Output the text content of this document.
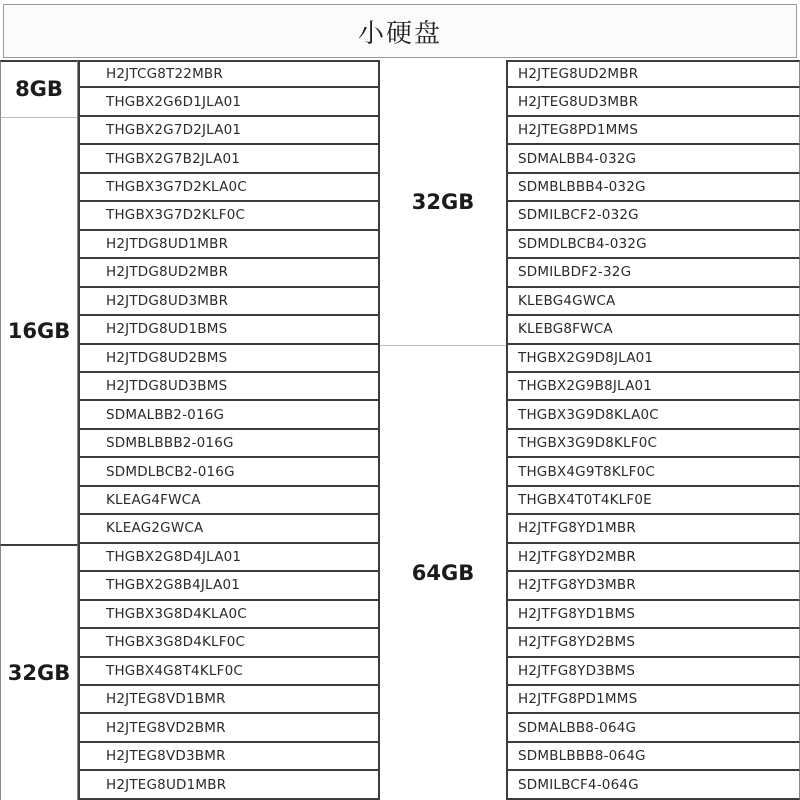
小硬盘
8GB
16GB
32GB
32GB
64GB
H2JTCG8T22MBR
THGBX2G6D1JLA01
THGBX2G7D2JLA01
THGBX2G7B2JLA01
THGBX3G7D2KLA0C
THGBX3G7D2KLF0C
H2JTDG8UD1MBR
H2JTDG8UD2MBR
H2JTDG8UD3MBR
H2JTDG8UD1BMS
H2JTDG8UD2BMS
H2JTDG8UD3BMS
SDMALBB2-016G
SDMBLBBB2-016G
SDMDLBCB2-016G
KLEAG4FWCA
KLEAG2GWCA
THGBX2G8D4JLA01
THGBX2G8B4JLA01
THGBX3G8D4KLA0C
THGBX3G8D4KLF0C
THGBX4G8T4KLF0C
H2JTEG8VD1BMR
H2JTEG8VD2BMR
H2JTEG8VD3BMR
H2JTEG8UD1MBR
H2JTEG8UD2MBR
H2JTEG8UD3MBR
H2JTEG8PD1MMS
SDMALBB4-032G
SDMBLBBB4-032G
SDMILBCF2-032G
SDMDLBCB4-032G
SDMILBDF2-32G
KLEBG4GWCA
KLEBG8FWCA
THGBX2G9D8JLA01
THGBX2G9B8JLA01
THGBX3G9D8KLA0C
THGBX3G9D8KLF0C
THGBX4G9T8KLF0C
THGBX4T0T4KLF0E
H2JTFG8YD1MBR
H2JTFG8YD2MBR
H2JTFG8YD3MBR
H2JTFG8YD1BMS
H2JTFG8YD2BMS
H2JTFG8YD3BMS
H2JTFG8PD1MMS
SDMALBB8-064G
SDMBLBBB8-064G
SDMILBCF4-064G
